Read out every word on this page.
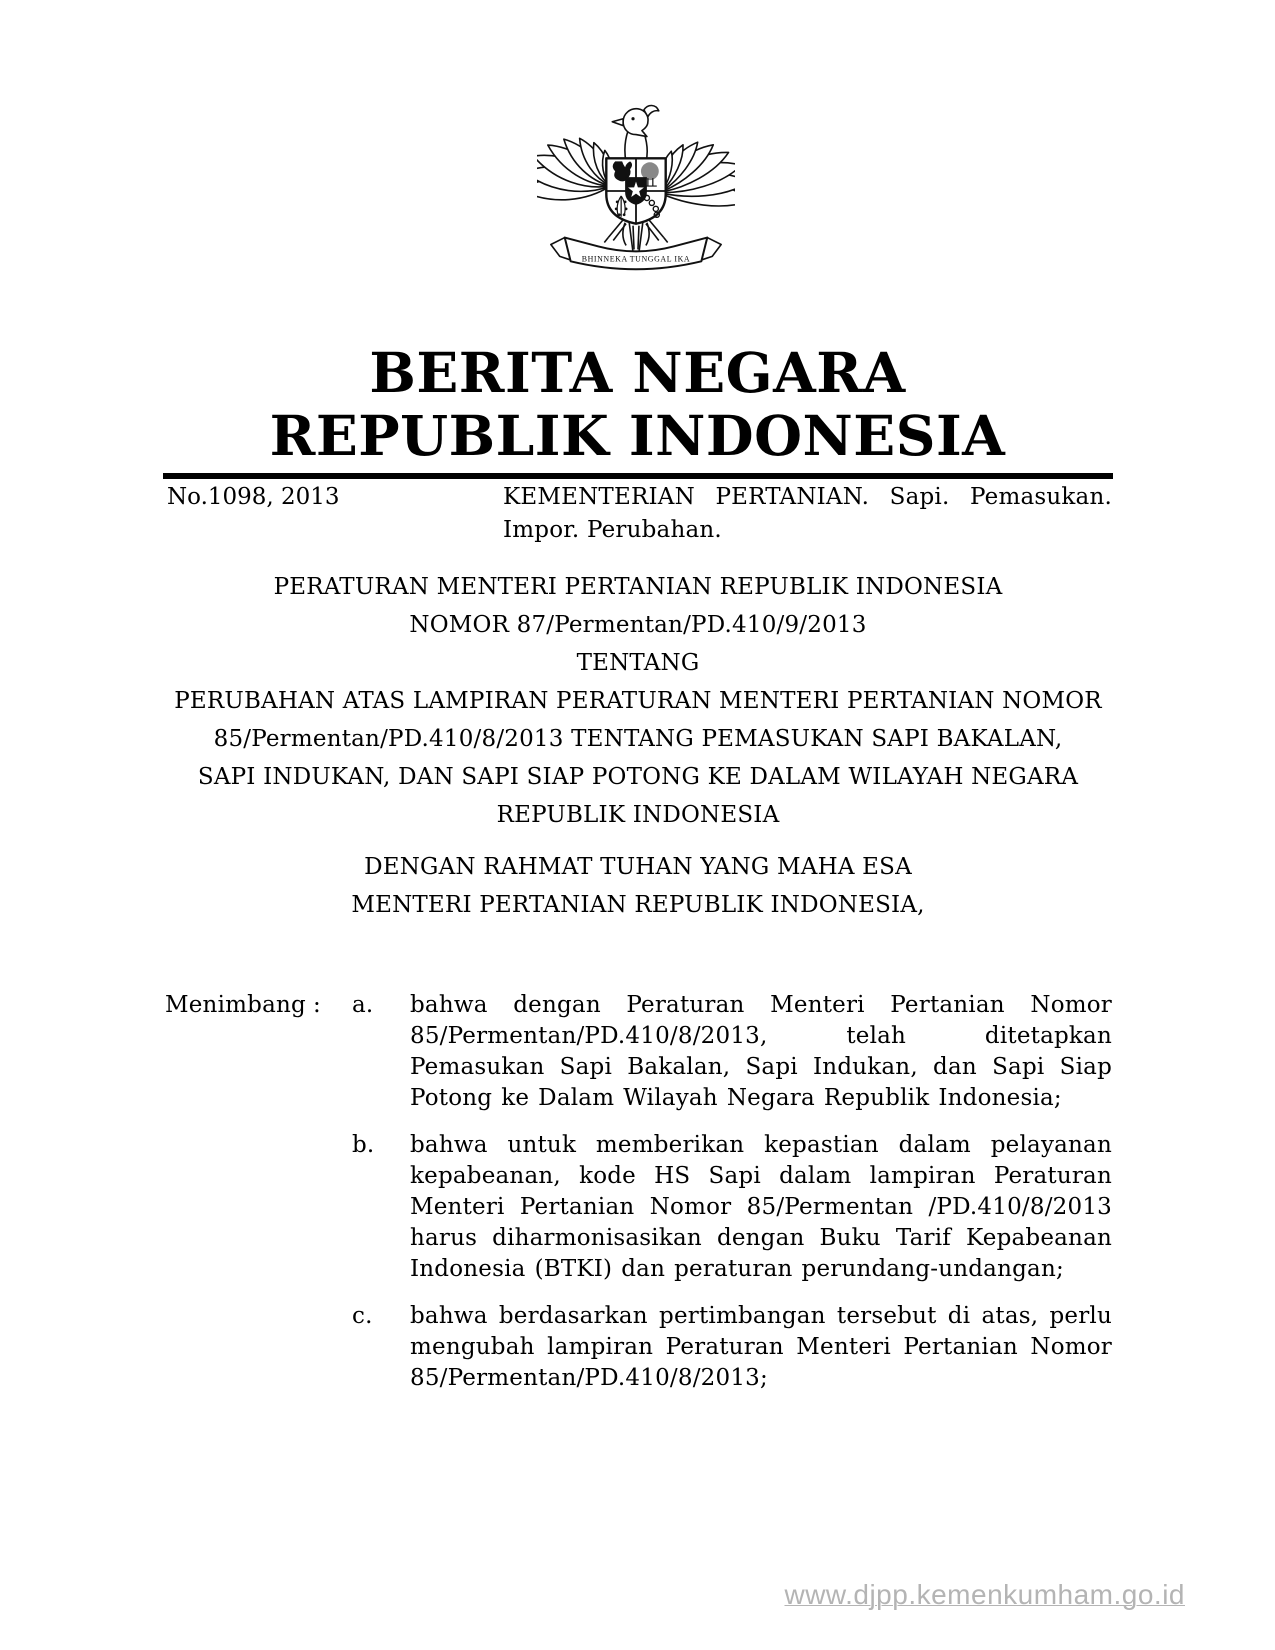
BHINNEKA TUNGGAL IKA
BERITA NEGARA
REPUBLIK INDONESIA
No.1098, 2013	KEMENTERIAN PERTANIAN. Sapi. Pemasukan.
Impor. Perubahan.
PERATURAN MENTERI PERTANIAN REPUBLIK INDONESIA
NOMOR 87/Permentan/PD.410/9/2013
TENTANG
PERUBAHAN ATAS LAMPIRAN PERATURAN MENTERI PERTANIAN NOMOR
85/Permentan/PD.410/8/2013 TENTANG PEMASUKAN SAPI BAKALAN,
SAPI INDUKAN, DAN SAPI SIAP POTONG KE DALAM WILAYAH NEGARA
REPUBLIK INDONESIA
DENGAN RAHMAT TUHAN YANG MAHA ESA
MENTERI PERTANIAN REPUBLIK INDONESIA,
Menimbang :	a.	bahwa dengan Peraturan Menteri Pertanian Nomor 85/Permentan/PD.410/8/2013, telah ditetapkan Pemasukan Sapi Bakalan, Sapi Indukan, dan Sapi Siap Potong ke Dalam Wilayah Negara Republik Indonesia;
b.	bahwa untuk memberikan kepastian dalam pelayanan kepabeanan, kode HS Sapi dalam lampiran Peraturan Menteri Pertanian Nomor 85/Permentan /PD.410/8/2013 harus diharmonisasikan dengan Buku Tarif Kepabeanan Indonesia (BTKI) dan peraturan perundang-undangan;
c.	bahwa berdasarkan pertimbangan tersebut di atas, perlu mengubah lampiran Peraturan Menteri Pertanian Nomor 85/Permentan/PD.410/8/2013;
www.djpp.kemenkumham.go.id
